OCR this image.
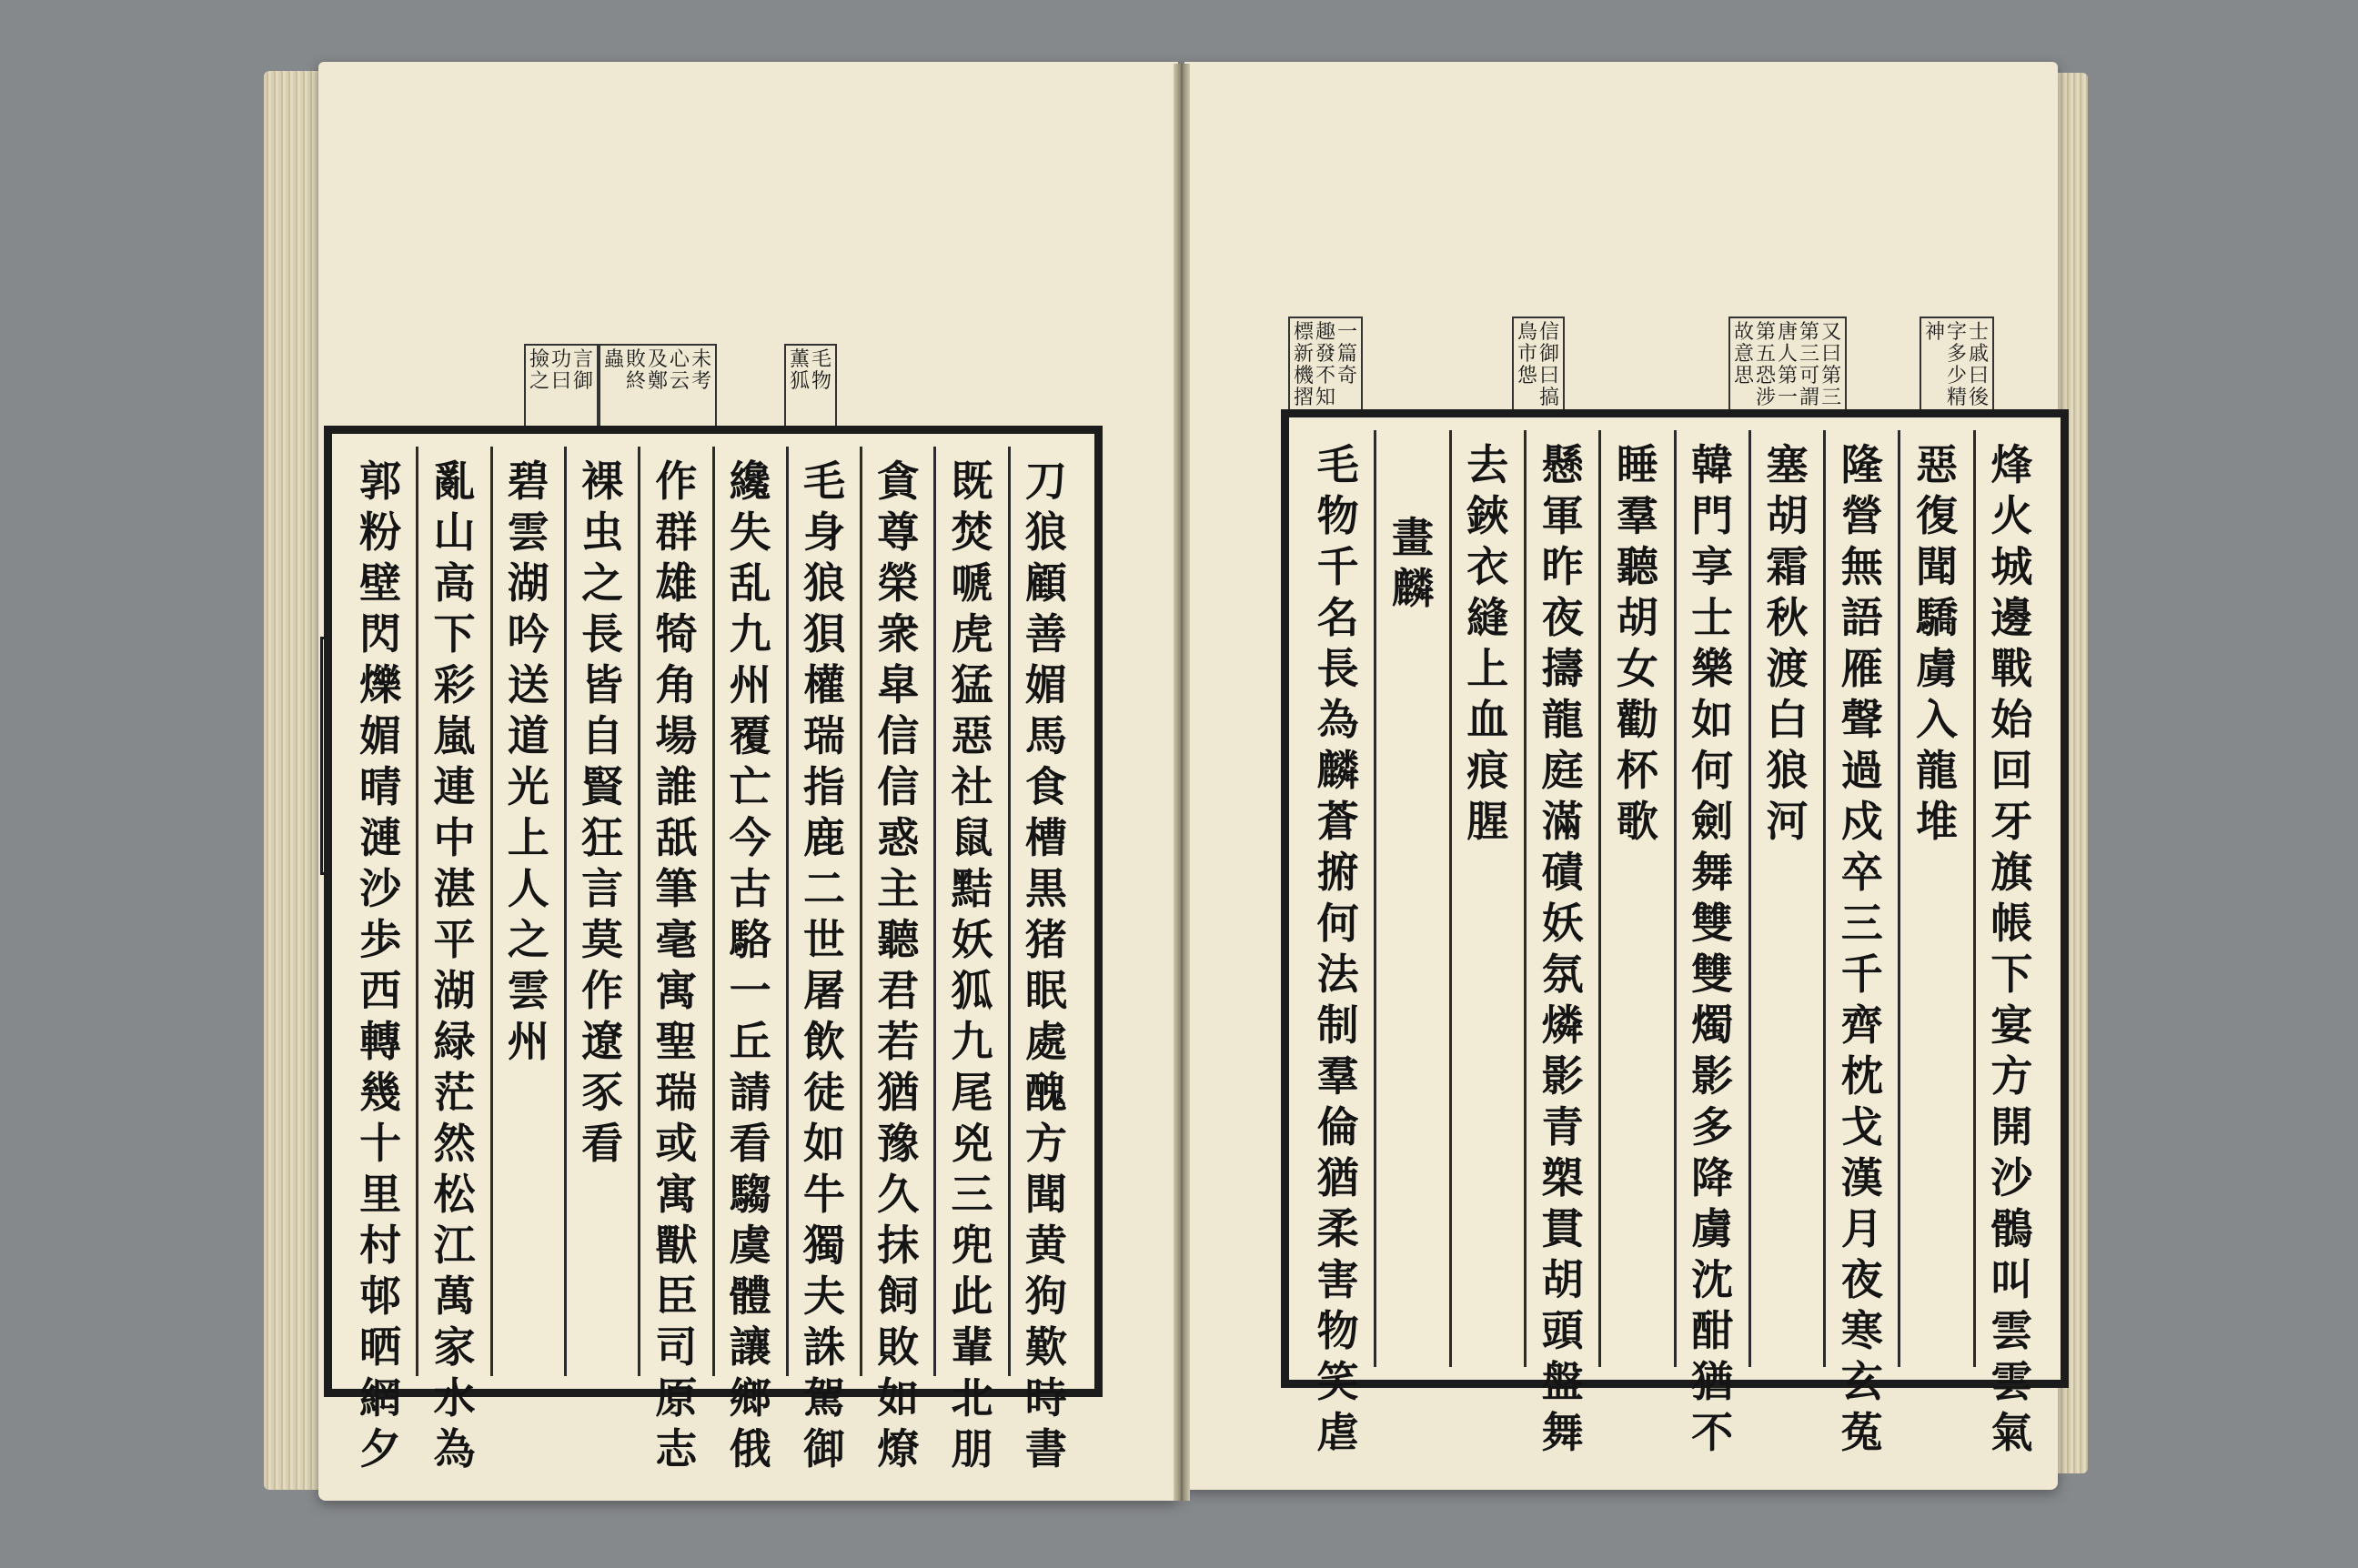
毛
物
薫
狐
未
考
心
云
及
鄭
敗
終
蟲
言
御
功
曰
撿
之
士
戚
曰
後
字
多
少
精
神
又
曰
第
三
第
三
可
謂
唐
人
第
一
第
五
恐
涉
故
意
思
信
御
曰
搞
鳥
市
怹
一
篇
奇
趣
發
不
知
標
新
機
摺
刀
狼
顧
善
媚
馬
食
槽
黒
猪
眠
處
醜
方
聞
黄
狗
歎
時
書
既
焚
嗁
虎
猛
惡
社
鼠
黠
妖
狐
九
尾
兇
三
兜
此
輩
北
朋
貪
尊
榮
衆
皐
信
信
惑
主
聽
君
若
猶
豫
久
抹
飼
敗
如
燎
毛
身
狼
狽
權
瑞
指
鹿
二
世
屠
飲
徒
如
牛
獨
夫
誅
駕
御
纔
失
乱
九
州
覆
亡
今
古
駱
一
丘
請
看
騶
虞
體
讓
鄉
俄
作
群
雄
犄
角
場
誰
舐
筆
毫
寓
聖
瑞
或
寓
獸
臣
司
原
志
裸
虫
之
長
皆
自
賢
狂
言
莫
作
遼
豕
看
碧
雲
湖
吟
送
道
光
上
人
之
雲
州
亂
山
高
下
彩
嵐
連
中
湛
平
湖
緑
茫
然
松
江
萬
家
水
為
郭
粉
壁
閃
爍
媚
晴
漣
沙
歩
西
轉
幾
十
里
村
邨
晒
網
夕
烽
火
城
邊
戰
始
回
牙
旗
帳
下
宴
方
開
沙
鶻
叫
雲
雲
氣
惡
復
聞
驕
虜
入
龍
堆
隆
營
無
語
雁
聲
過
戍
卒
三
千
齊
枕
戈
漢
月
夜
寒
玄
菟
塞
胡
霜
秋
渡
白
狼
河
韓
門
享
士
樂
如
何
劍
舞
雙
雙
燭
影
多
降
虜
沈
酣
猶
不
睡
羣
聽
胡
女
勸
杯
歌
懸
軍
昨
夜
擣
龍
庭
滿
磧
妖
氛
燐
影
青
槊
貫
胡
頭
盤
舞
去
鋏
衣
縫
上
血
痕
腥
畫
麟
毛
物
千
名
長
為
麟
蒼
捬
何
法
制
羣
倫
猶
柔
害
物
笑
虐
